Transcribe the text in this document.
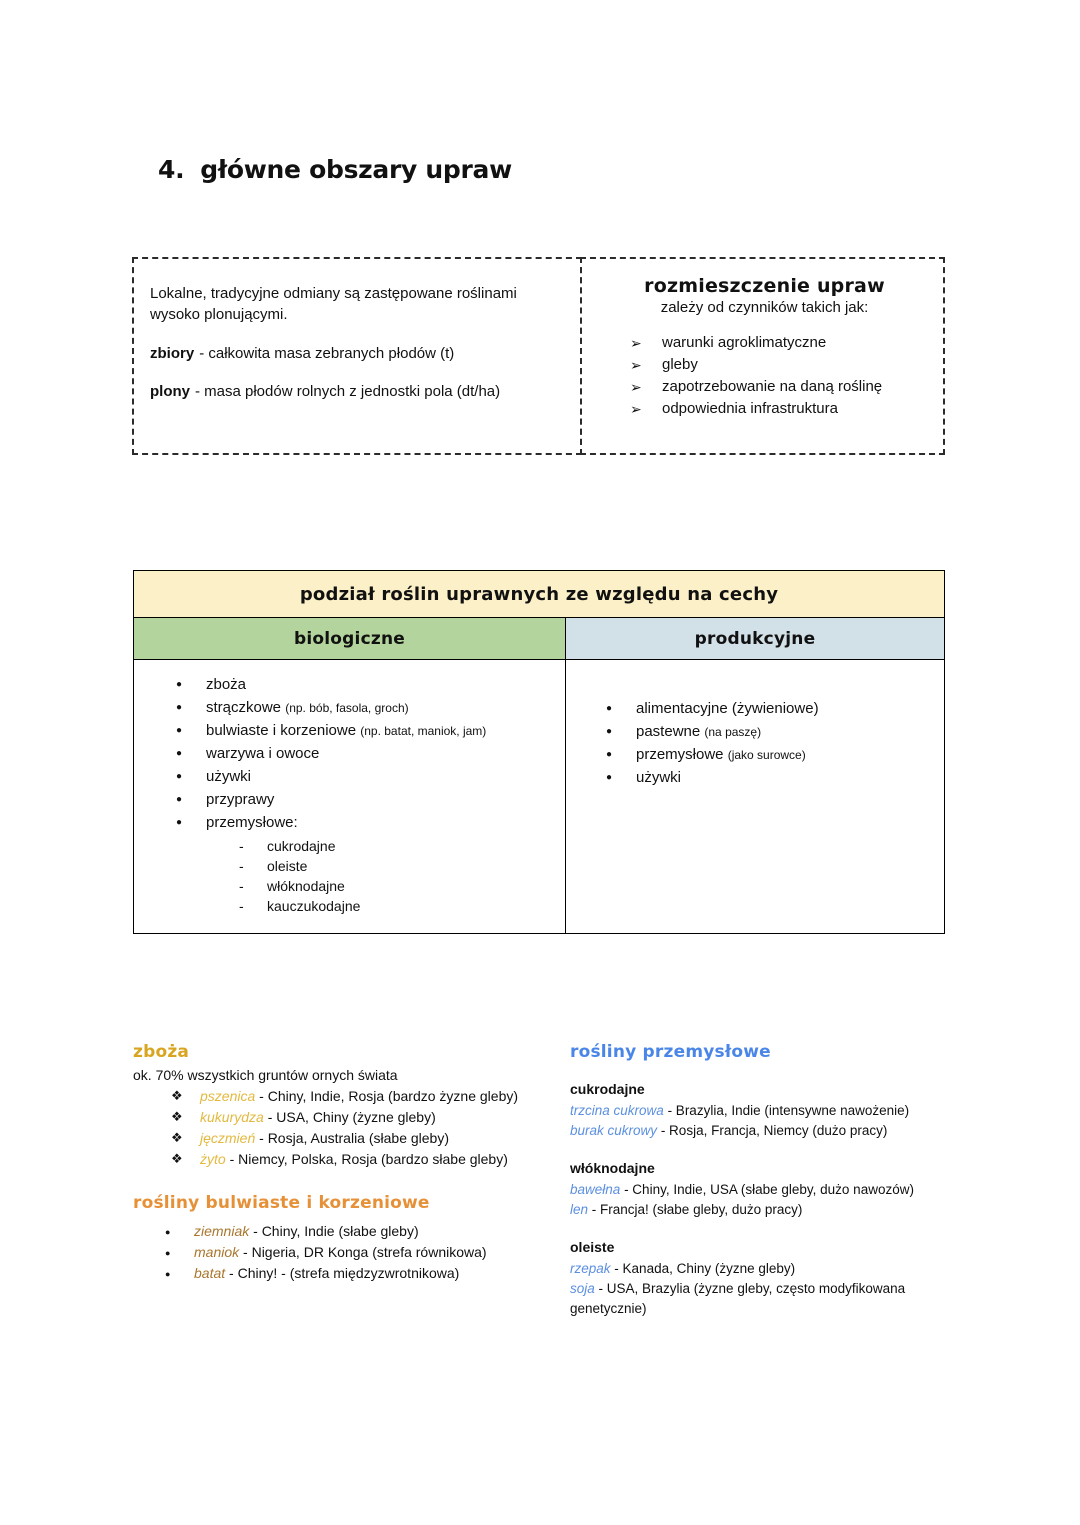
4. główne obszary upraw

Lokalne, tradycyjne odmiany są zastępowane roślinami wysoko plonującymi.

zbiory - całkowita masa zebranych płodów (t)

plony - masa płodów rolnych z jednostki pola (dt/ha)

rozmieszczenie upraw
zależy od czynników takich jak:
➢ warunki agroklimatyczne
➢ gleby
➢ zapotrzebowanie na daną roślinę
➢ odpowiednia infrastruktura
podział roślin uprawnych ze względu na cechy
biologiczne	produkcyjne
● zboża
● strączkowe (np. bób, fasola, groch)
● bulwiaste i korzeniowe (np. batat, maniok, jam)
● warzywa i owoce
● używki
● przyprawy
● przemysłowe:
- cukrodajne
- oleiste
- włóknodajne
- kauczukodajne
● alimentacyjne (żywieniowe)
● pastewne (na paszę)
● przemysłowe (jako surowce)
● używki
zboża
ok. 70% wszystkich gruntów ornych świata
❖ pszenica - Chiny, Indie, Rosja (bardzo żyzne gleby)
❖ kukurydza - USA, Chiny (żyzne gleby)
❖ jęczmień - Rosja, Australia (słabe gleby)
❖ żyto - Niemcy, Polska, Rosja (bardzo słabe gleby)
rośliny bulwiaste i korzeniowe
● ziemniak - Chiny, Indie (słabe gleby)
● maniok - Nigeria, DR Konga (strefa równikowa)
● batat - Chiny! - (strefa międzyzwrotnikowa)
rośliny przemysłowe
cukrodajne
trzcina cukrowa - Brazylia, Indie (intensywne nawożenie)
burak cukrowy - Rosja, Francja, Niemcy (dużo pracy)
włóknodajne
bawełna - Chiny, Indie, USA (słabe gleby, dużo nawozów)
len - Francja! (słabe gleby, dużo pracy)
oleiste
rzepak - Kanada, Chiny (żyzne gleby)
soja - USA, Brazylia (żyzne gleby, często modyfikowana genetycznie)
